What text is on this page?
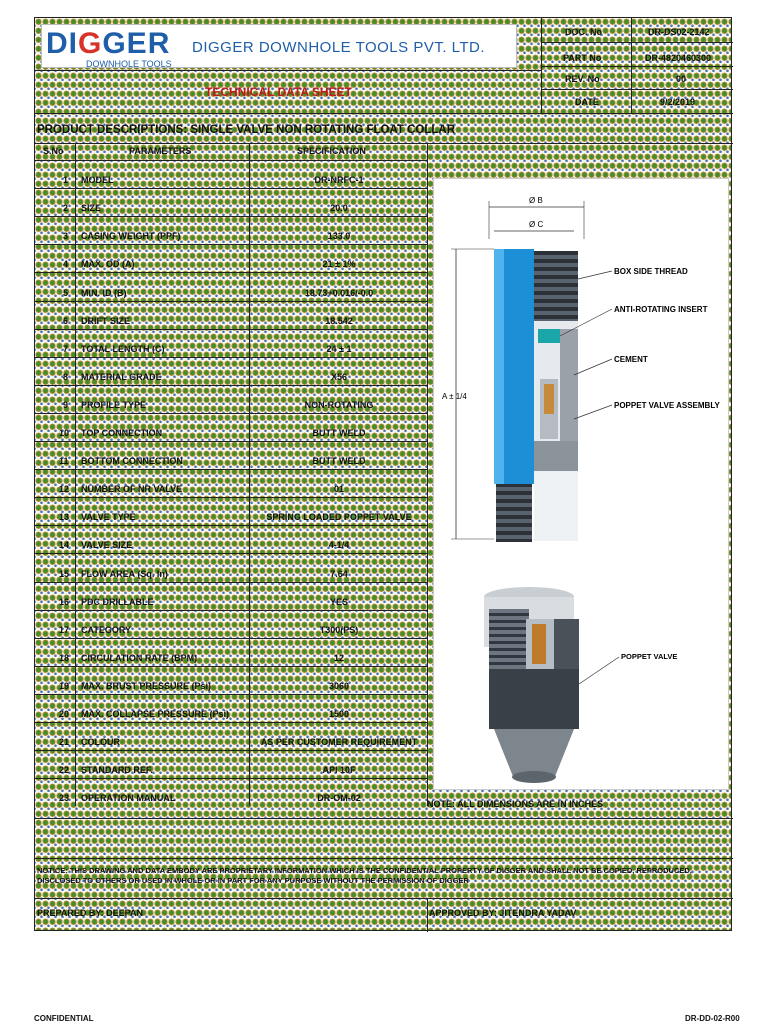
DIGGER
DOWNHOLE TOOLS
DIGGER DOWNHOLE TOOLS PVT. LTD.
DOC. No	DR-DS02-2142
PART No	DR-4820460300
REV. No	00
DATE	9/2/2019
TECHNICAL DATA SHEET
PRODUCT DESCRIPTIONS: SINGLE VALVE NON ROTATING FLOAT COLLAR
S.No	PARAMETERS	SPECIFICATION
1 MODEL	DR-NRFC-1
2 SIZE	20.0
3 CASING WEIGHT (PPF)	133.0
4 MAX. OD (A)	21 ± 1%
5 MIN. ID (B)	18.73+0.016/-0.0
6 DRIFT SIZE	18.542
7 TOTAL LENGTH (C)	24 ± 1
8 MATERIAL GRADE	X56
9 PROFILE TYPE	NON-ROTATING
10 TOP CONNECTION	BUTT WELD
11 BOTTOM CONNECTION	BUTT WELD
12 NUMBER OF NR VALVE	01
13 VALVE TYPE	SPRING LOADED POPPET VALVE
14 VALVE SIZE	4-1/4
15 FLOW AREA (Sq. In)	7.64
16 PDC DRILLABLE	YES
17 CATEGORY	T300(PS)
18 CIRCULATION RATE (BPM)	12
19 MAX. BRUST PRESSURE (Psi)	3060
20 MAX. COLLAPSE PRESSURE (Psi)	1500
21 COLOUR	AS PER CUSTOMER REQUIREMENT
22 STANDARD REF.	API 10F
23 OPERATION MANUAL	DR-OM-02
Ø B
Ø C
A ± 1/4
BOX SIDE THREAD
ANTI-ROTATING INSERT
CEMENT
POPPET VALVE ASSEMBLY
POPPET VALVE
NOTE: ALL DIMENSIONS ARE IN INCHES
NOTICE: THIS DRAWING AND DATA EMBODY ARE PROPRIETARY INFORMATION WHICH IS THE CONFIDENTIAL PROPERTY OF DIGGER AND SHALL NOT BE COPIED, REPRODUCED, DISCLOSED TO OTHERS OR USED IN WHOLE OR IN PART FOR ANY PURPOSE WITHOUT THE PERMISSION OF DIGGER
PREPARED BY: DEEPAN	APPROVED BY: JITENDRA YADAV
CONFIDENTIAL	DR-DD-02-R00
